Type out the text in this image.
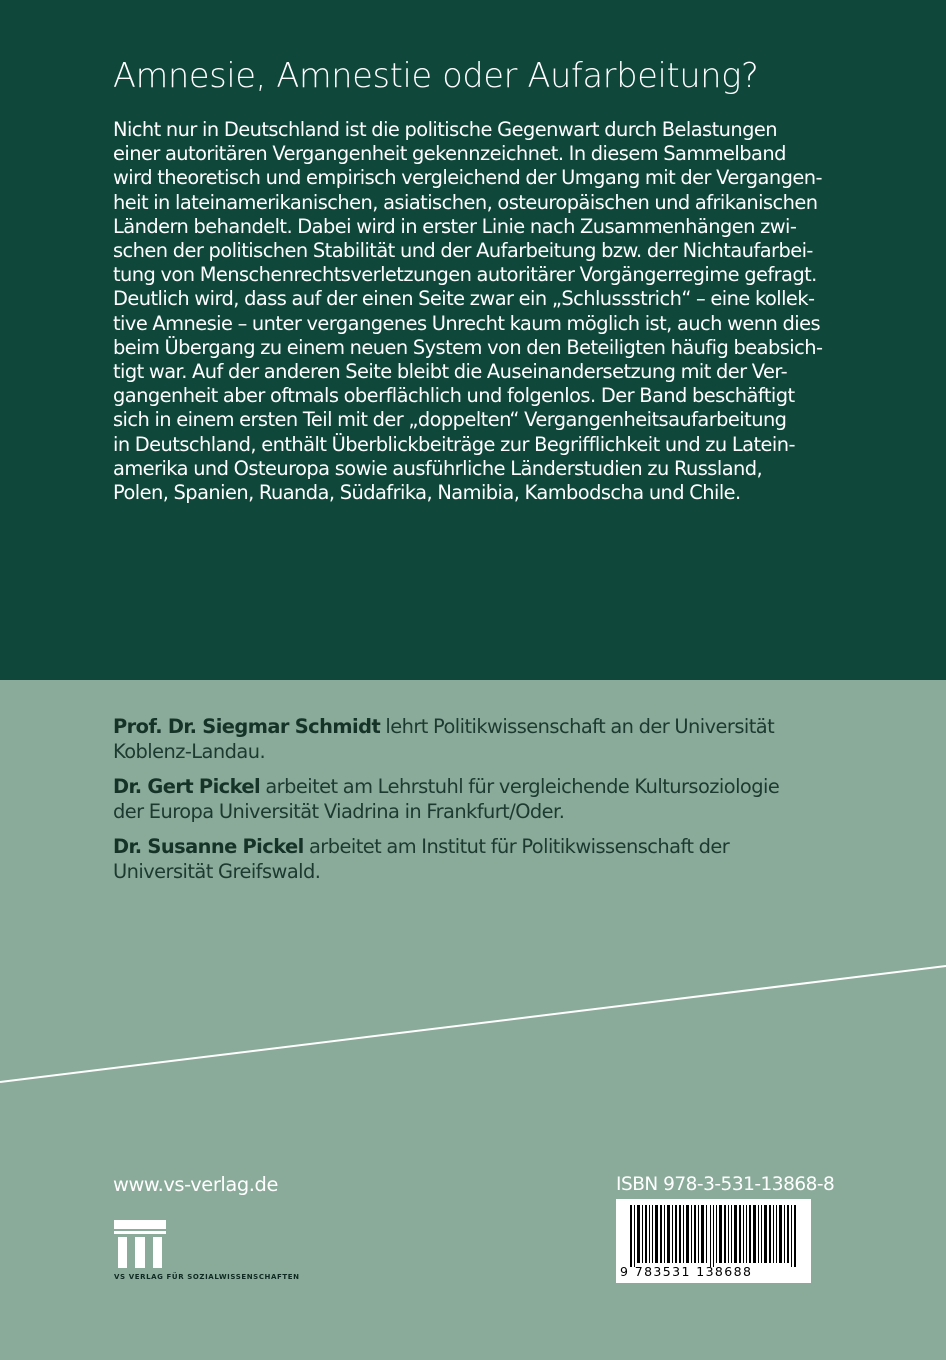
Amnesie, Amnestie oder Aufarbeitung?
Nicht nur in Deutschland ist die politische Gegenwart durch Belastungen
einer autoritären Vergangenheit gekennzeichnet. In diesem Sammelband
wird theoretisch und empirisch vergleichend der Umgang mit der Vergangen-
heit in lateinamerikanischen, asiatischen, osteuropäischen und afrikanischen
Ländern behandelt. Dabei wird in erster Linie nach Zusammenhängen zwi-
schen der politischen Stabilität und der Aufarbeitung bzw. der Nichtaufarbei-
tung von Menschenrechtsverletzungen autoritärer Vorgängerregime gefragt.
Deutlich wird, dass auf der einen Seite zwar ein „Schlussstrich“ – eine kollek-
tive Amnesie – unter vergangenes Unrecht kaum möglich ist, auch wenn dies
beim Übergang zu einem neuen System von den Beteiligten häufig beabsich-
tigt war. Auf der anderen Seite bleibt die Auseinandersetzung mit der Ver-
gangenheit aber oftmals oberflächlich und folgenlos. Der Band beschäftigt
sich in einem ersten Teil mit der „doppelten“ Vergangenheitsaufarbeitung
in Deutschland, enthält Überblickbeiträge zur Begrifflichkeit und zu Latein-
amerika und Osteuropa sowie ausführliche Länderstudien zu Russland,
Polen, Spanien, Ruanda, Südafrika, Namibia, Kambodscha und Chile.
Prof. Dr. Siegmar Schmidt lehrt Politikwissenschaft an der Universität
Koblenz-Landau.
Dr. Gert Pickel arbeitet am Lehrstuhl für vergleichende Kultursoziologie
der Europa Universität Viadrina in Frankfurt/Oder.
Dr. Susanne Pickel arbeitet am Institut für Politikwissenschaft der
Universität Greifswald.
www.vs-verlag.de
VS VERLAG FÜR SOZIALWISSENSCHAFTEN
ISBN 978-3-531-13868-8
9 783531 138688
